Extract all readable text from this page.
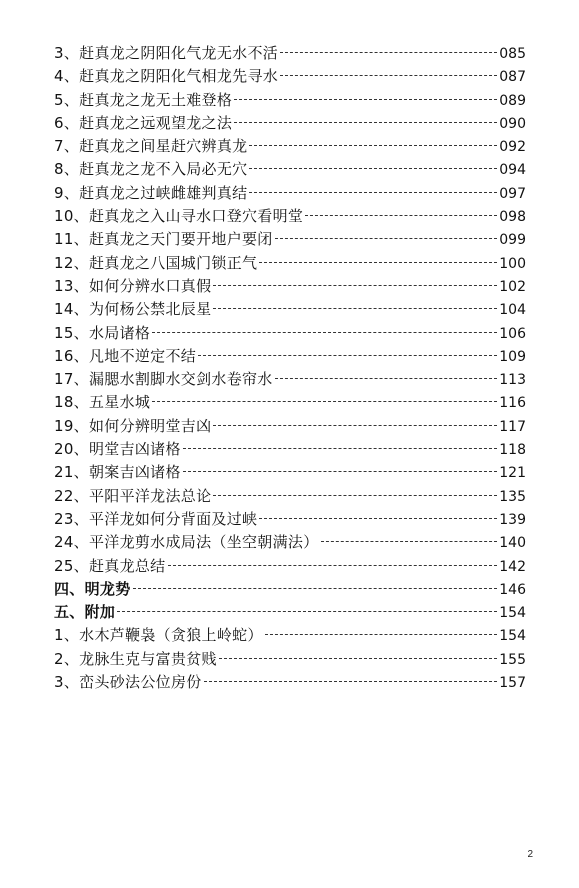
3、赶真龙之阴阳化气龙无水不活	085
4、赶真龙之阴阳化气相龙先寻水	087
5、赶真龙之龙无土难登格	089
6、赶真龙之远观望龙之法	090
7、赶真龙之间星赶穴辨真龙	092
8、赶真龙之龙不入局必无穴	094
9、赶真龙之过峡雌雄判真结	097
10、赶真龙之入山寻水口登穴看明堂	098
11、赶真龙之天门要开地户要闭	099
12、赶真龙之八国城门锁正气	100
13、如何分辨水口真假	102
14、为何杨公禁北辰星	104
15、水局诸格	106
16、凡地不逆定不结	109
17、漏腮水割脚水交剑水卷帘水	113
18、五星水城	116
19、如何分辨明堂吉凶	117
20、明堂吉凶诸格	118
21、朝案吉凶诸格	121
22、平阳平洋龙法总论	135
23、平洋龙如何分背面及过峡	139
24、平洋龙剪水成局法（坐空朝满法）	140
25、赶真龙总结	142
四、明龙势	146
五、附加	154
1、水木芦鞭袅（贪狼上岭蛇）	154
2、龙脉生克与富贵贫贱	155
3、峦头砂法公位房份	157
2
